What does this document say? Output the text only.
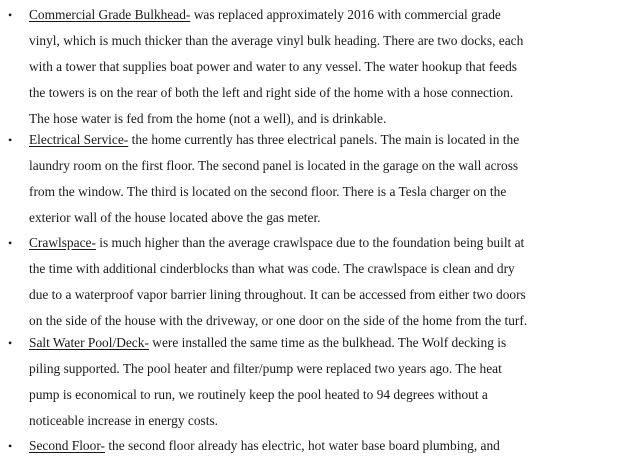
• Commercial Grade Bulkhead- was replaced approximately 2016 with commercial grade
vinyl, which is much thicker than the average vinyl bulk heading. There are two docks, each
with a tower that supplies boat power and water to any vessel. The water hookup that feeds
the towers is on the rear of both the left and right side of the home with a hose connection.
The hose water is fed from the home (not a well), and is drinkable.
• Electrical Service- the home currently has three electrical panels. The main is located in the
laundry room on the first floor. The second panel is located in the garage on the wall across
from the window. The third is located on the second floor. There is a Tesla charger on the
exterior wall of the house located above the gas meter.
• Crawlspace- is much higher than the average crawlspace due to the foundation being built at
the time with additional cinderblocks than what was code. The crawlspace is clean and dry
due to a waterproof vapor barrier lining throughout. It can be accessed from either two doors
on the side of the house with the driveway, or one door on the side of the home from the turf.
• Salt Water Pool/Deck- were installed the same time as the bulkhead. The Wolf decking is
piling supported. The pool heater and filter/pump were replaced two years ago. The heat
pump is economical to run, we routinely keep the pool heated to 94 degrees without a
noticeable increase in energy costs.
• Second Floor- the second floor already has electric, hot water base board plumbing, and
